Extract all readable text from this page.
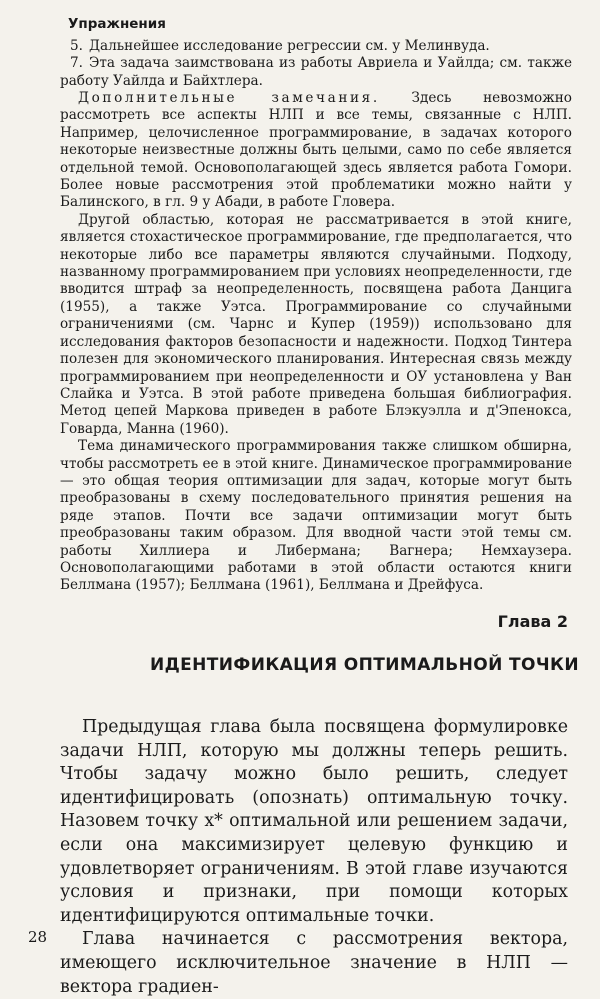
Упражнения

5. Дальнейшее исследование регрессии см. у Мелинвуда.

7. Эта задача заимствована из работы Авриела и Уайлда; см. также работу Уайлда и Байхтлера.

Дополнительные замечания. Здесь невозможно рассмотреть все аспекты НЛП и все темы, связанные с НЛП. Например, целочисленное программирование, в задачах которого некоторые неизвестные должны быть целыми, само по себе является отдельной темой. Основополагающей здесь является работа Гомори. Более новые рассмотрения этой проблематики можно найти у Балинского, в гл. 9 у Абади, в работе Гловера.

Другой областью, которая не рассматривается в этой книге, является стохастическое программирование, где предполагается, что некоторые либо все параметры являются случайными. Подходу, названному программированием при условиях неопределенности, где вводится штраф за неопределенность, посвящена работа Данцига (1955), а также Уэтса. Программирование со случайными ограничениями (см. Чарнс и Купер (1959)) использовано для исследования факторов безопасности и надежности. Подход Тинтера полезен для экономического планирования. Интересная связь между программированием при неопределенности и ОУ установлена у Ван Слайка и Уэтса. В этой работе приведена большая библиография. Метод цепей Маркова приведен в работе Блэкуэлла и д'Эпенокса, Говарда, Манна (1960).

Тема динамического программирования также слишком обширна, чтобы рассмотреть ее в этой книге. Динамическое программирование — это общая теория оптимизации для задач, которые могут быть преобразованы в схему последовательного принятия решения на ряде этапов. Почти все задачи оптимизации могут быть преобразованы таким образом. Для вводной части этой темы см. работы Хиллиера и Либермана; Вагнера; Немхаузера. Основополагающими работами в этой области остаются книги Беллмана (1957); Беллмана (1961), Беллмана и Дрейфуса.

Глава 2
ИДЕНТИФИКАЦИЯ ОПТИМАЛЬНОЙ ТОЧКИ

Предыдущая глава была посвящена формулировке задачи НЛП, которую мы должны теперь решить. Чтобы задачу можно было решить, следует идентифицировать (опознать) оптимальную точку. Назовем точку x* оптимальной или решением задачи, если она максимизирует целевую функцию и удовлетворяет ограничениям. В этой главе изучаются условия и признаки, при помощи которых идентифицируются оптимальные точки.

Глава начинается с рассмотрения вектора, имеющего исключительное значение в НЛП — вектора градиен-

28
